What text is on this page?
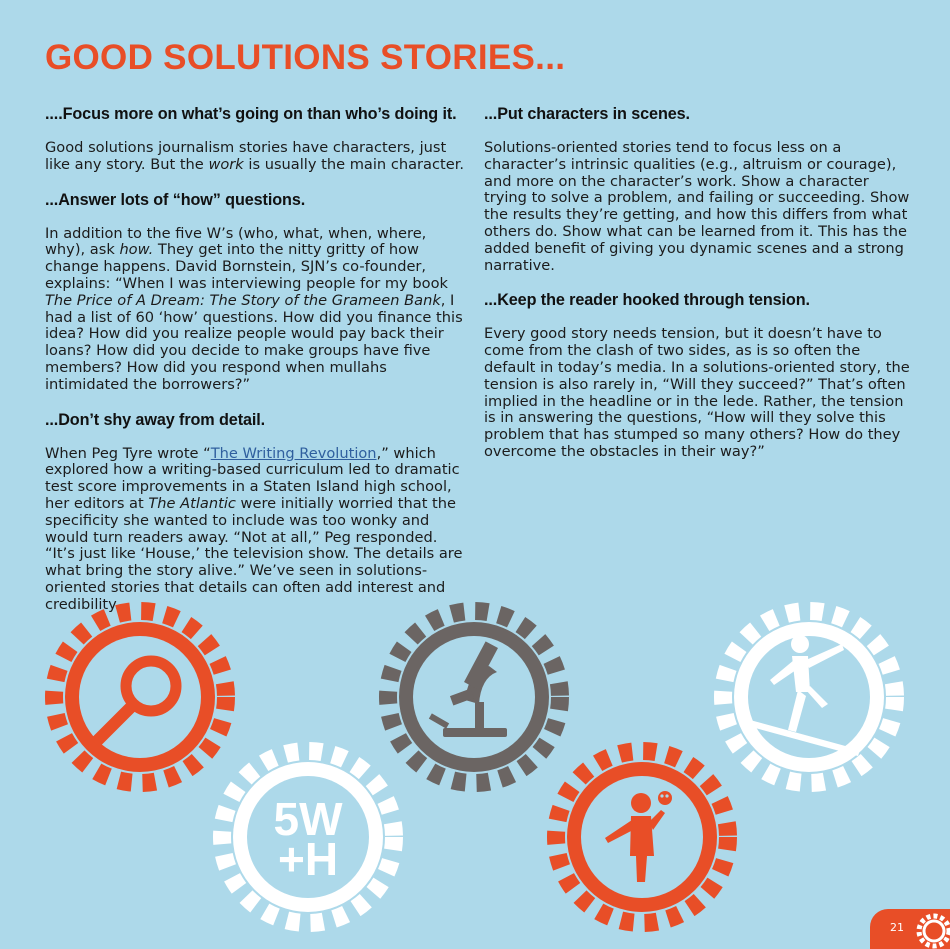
GOOD SOLUTIONS STORIES...
....Focus more on what’s going on than who’s doing it.

Good solutions journalism stories have characters, just like any story. But the work is usually the main character.

...Answer lots of “how” questions.

In addition to the five W’s (who, what, when, where, why), ask how. They get into the nitty gritty of how change happens. David Bornstein, SJN’s co-founder, explains: “When I was interviewing people for my book The Price of A Dream: The Story of the Grameen Bank, I had a list of 60 ‘how’ questions. How did you finance this idea? How did you realize people would pay back their loans? How did you decide to make groups have five members? How did you respond when mullahs intimidated the borrowers?”

...Don’t shy away from detail.

When Peg Tyre wrote “The Writing Revolution,” which explored how a writing-based curriculum led to dramatic test score improvements in a Staten Island high school, her editors at The Atlantic were initially worried that the specificity she wanted to include was too wonky and would turn readers away. “Not at all,” Peg responded. “It’s just like ‘House,’ the television show. The details are what bring the story alive.” We’ve seen in solutions-oriented stories that details can often add interest and credibility.

...Put characters in scenes.

Solutions-oriented stories tend to focus less on a character’s intrinsic qualities (e.g., altruism or courage), and more on the character’s work. Show a character trying to solve a problem, and failing or succeeding. Show the results they’re getting, and how this differs from what others do. Show what can be learned from it. This has the added benefit of giving you dynamic scenes and a strong narrative.

...Keep the reader hooked through tension.

Every good story needs tension, but it doesn’t have to come from the clash of two sides, as is so often the default in today’s media. In a solutions-oriented story, the tension is also rarely in, “Will they succeed?” That’s often implied in the headline or in the lede. Rather, the tension is in answering the questions, “How will they solve this problem that has stumped so many others? How do they overcome the obstacles in their way?”

5W
+H
21
